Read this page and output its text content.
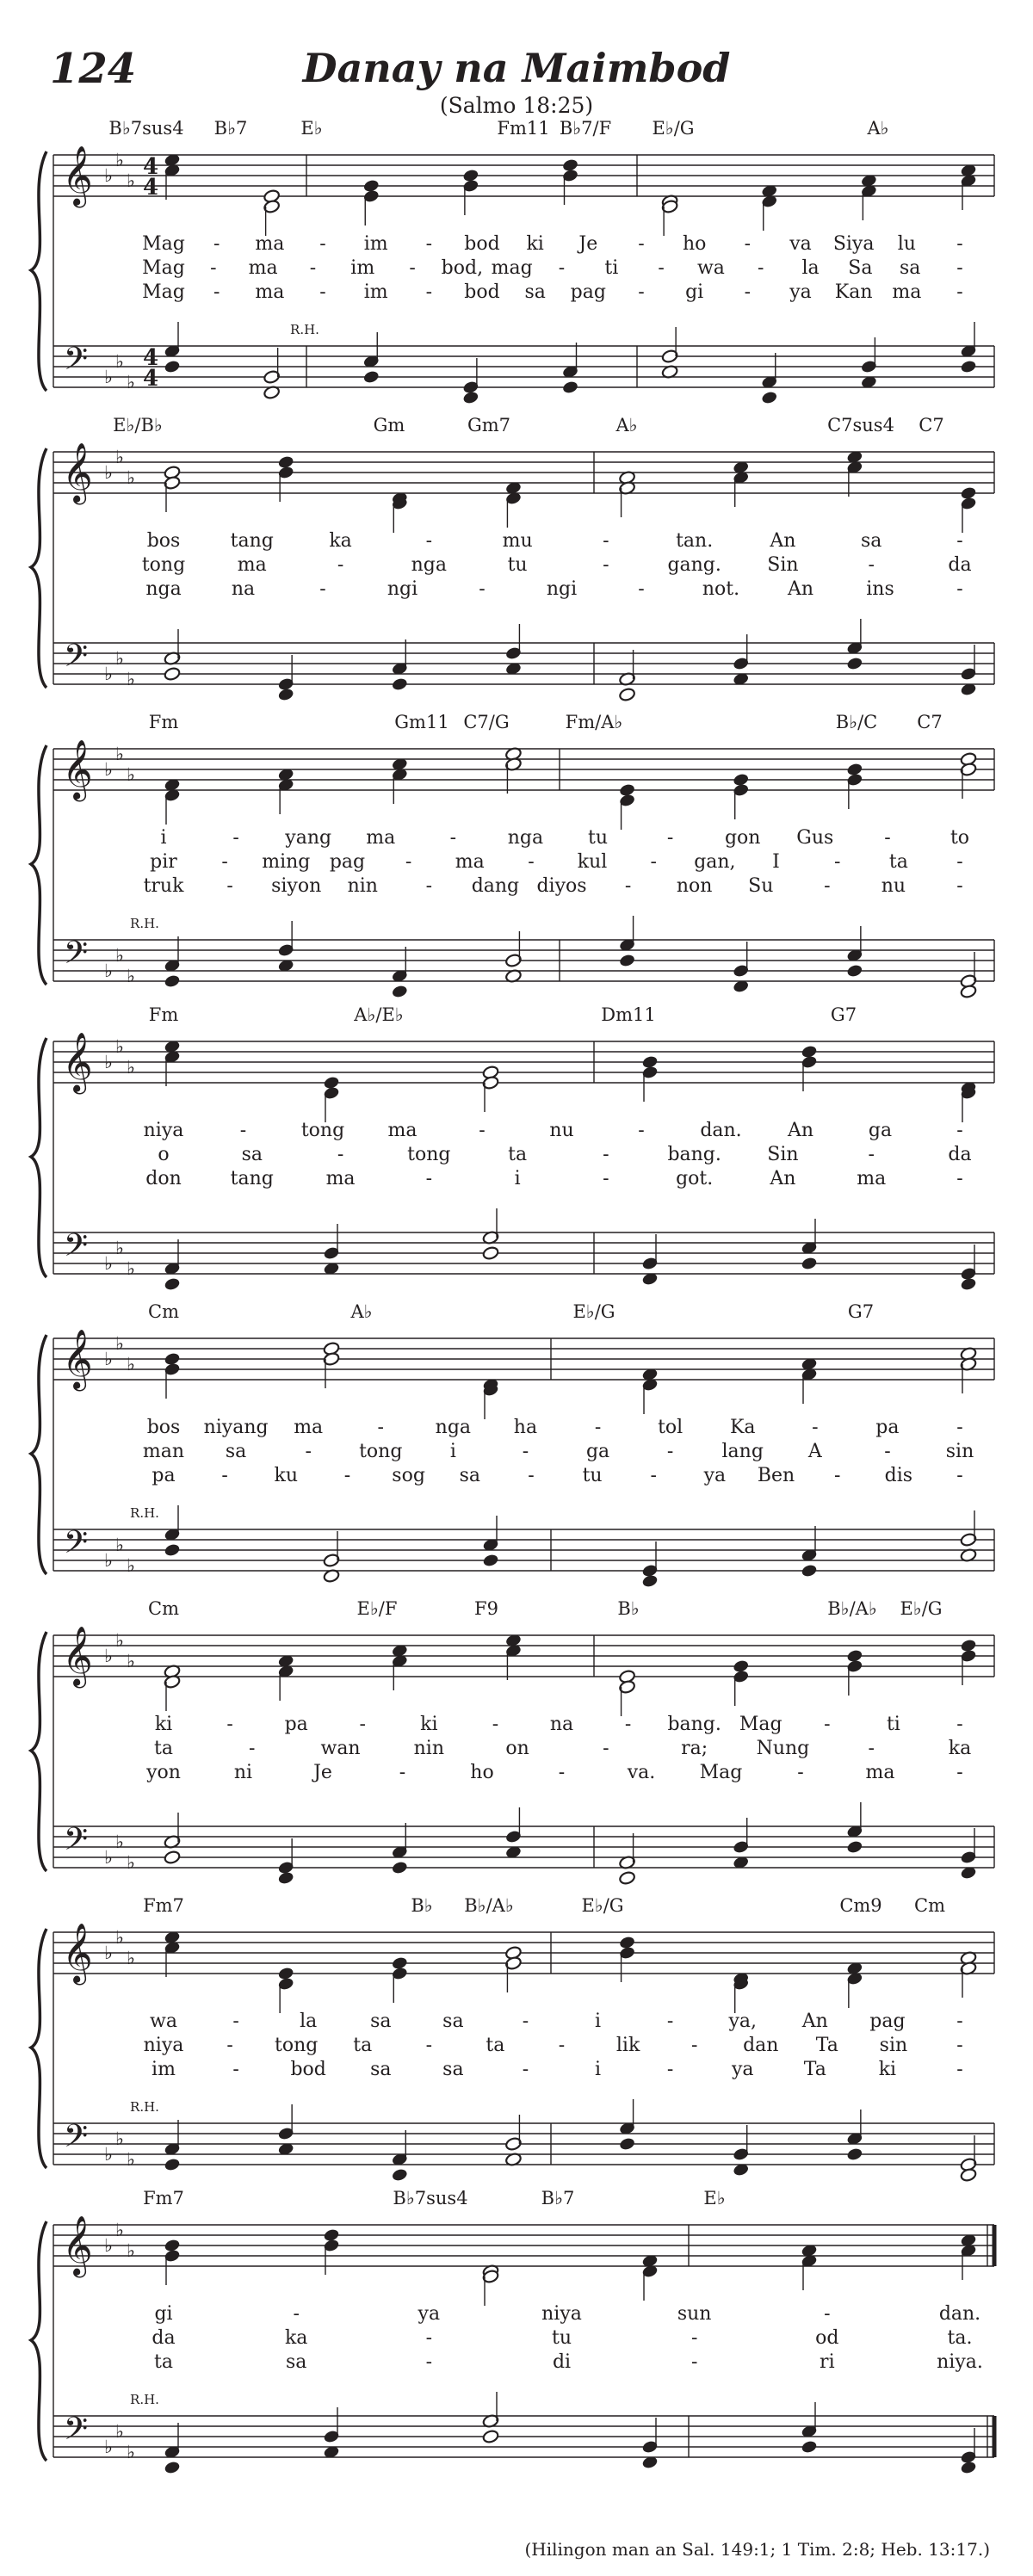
124	Danay na Maimbod
(Salmo 18:25)
B♭7sus4 B♭7	E♭	Fm11 B♭7/F E♭/G	A♭
𝄞
𝄢
♭
♭
♭
♭
♭
♭
4
4
4
4
R.H.
Mag - ma - im - bod ki Je - ho - va Siya lu -
Mag - ma - im - bod, mag - ti - wa - la Sa sa -
Mag - ma - im - bod sa pag - gi - ya Kan ma -
E♭/B♭	Gm	Gm7	A♭	C7sus4 C7
𝄞
𝄢
♭
♭
♭
♭
♭
♭
bos	tang	ka	-	mu	-	tan.	An	sa	-
tong	ma	-	nga	tu	-	gang. Sin	-	da
nga	na	-	ngi	-	ngi	-	not.	An	ins	-
Fm	Gm11 C7/G	Fm/A♭	B♭/C C7
𝄞
𝄢
♭
♭
♭
♭
♭
♭
R.H.
i	- yang ma	-	nga tu	-	gon Gus	-	to
pir - ming pag - ma - kul - gan, I	-	ta	-
truk - siyon nin	- dang diyos - non Su	-	nu	-
Fm	A♭/E♭	Dm11	G7
𝄞
𝄢
♭
♭
♭
♭
♭
♭
niya	-	tong ma	-	nu	-	dan. An	ga	-
o	sa	-	tong	ta	-	bang. Sin	-	da
don	tang	ma	-	i	-	got.	An	ma	-
Cm	A♭	E♭/G	G7
𝄞
𝄢
♭
♭
♭
♭
♭
♭
R.H.
bos niyang ma	-	nga ha	-	tol Ka	-	pa	-
man sa	-	tong	i	-	ga	-	lang A	-	sin
pa - ku - sog sa	-	tu	- ya Ben - dis -
Cm	E♭/F	F9	B♭	B♭/A♭ E♭/G
𝄞
𝄢
♭
♭
♭
♭
♭
♭
ki	-	pa	-	ki	-	na	- bang. Mag -	ti	-
ta	-	wan	nin	on	-	ra;	Nung	-	ka
yon	ni	Je	-	ho	-	va. Mag	-	ma	-
Fm7	B♭ B♭/A♭	E♭/G	Cm9 Cm
𝄞
𝄢
♭
♭
♭
♭
♭
♭
R.H.
wa	-	la	sa	sa	-	i	-	ya, An pag	-
niya - tong ta	-	ta	-	lik	- dan Ta sin	-
im	-	bod sa	sa	-	i	-	ya	Ta	ki	-
Fm7	B♭7sus4	B♭7	E♭
𝄞
𝄢
♭
♭
♭
♭
♭
♭
R.H.
gi	-	ya	niya	sun	-	dan.
da	ka	-	tu	-	od	ta.
ta	sa	-	di	-	ri	niya.
(Hilingon man an Sal. 149:1; 1 Tim. 2:8; Heb. 13:17.)
